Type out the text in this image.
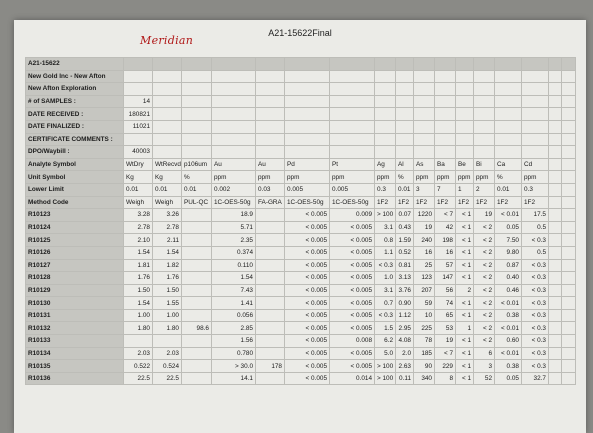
A21-15622Final
Meridian
A21-15622																	
New Gold Inc - New Afton																	
New Afton Exploration																	
# of SAMPLES :	14																
DATE RECEIVED :	180821																
DATE FINALIZED :	11021																
CERTIFICATE COMMENTS :																	
DPO/Waybill :	40003																
Analyte Symbol	WtDry	WtRecvd	p106um	Au	Au	Pd	Pt	Ag	Al	As	Ba	Be	Bi	Ca	Cd		
Unit Symbol	Kg	Kg	%	ppm	ppm	ppm	ppm	ppm	%	ppm	ppm	ppm	ppm	%	ppm		
Lower Limit	0.01	0.01	0.01	0.002	0.03	0.005	0.005	0.3	0.01	3	7	1	2	0.01	0.3		
Method Code	Weigh	Weigh	PUL-QC	1C-OES-50g	FA-GRA	1C-OES-50g	1C-OES-50g	1F2	1F2	1F2	1F2	1F2	1F2	1F2	1F2		
R10123	3.28	3.26		18.9		< 0.005	0.009	> 100	0.07	1220	< 7	< 1	19	< 0.01	17.5		
R10124	2.78	2.78		5.71		< 0.005	< 0.005	3.1	0.43	19	42	< 1	< 2	0.05	0.5		
R10125	2.10	2.11		2.35		< 0.005	< 0.005	0.8	1.59	240	198	< 1	< 2	7.50	< 0.3		
R10126	1.54	1.54		0.374		< 0.005	< 0.005	1.1	0.52	16	16	< 1	< 2	9.80	0.5		
R10127	1.81	1.82		0.110		< 0.005	< 0.005	< 0.3	0.81	25	57	< 1	< 2	0.87	< 0.3		
R10128	1.76	1.76		1.54		< 0.005	< 0.005	1.0	3.13	123	147	< 1	< 2	0.40	< 0.3		
R10129	1.50	1.50		7.43		< 0.005	< 0.005	3.1	3.76	207	56	2	< 2	0.46	< 0.3		
R10130	1.54	1.55		1.41		< 0.005	< 0.005	0.7	0.90	59	74	< 1	< 2	< 0.01	< 0.3		
R10131	1.00	1.00		0.056		< 0.005	< 0.005	< 0.3	1.12	10	65	< 1	< 2	0.38	< 0.3		
R10132	1.80	1.80	98.6	2.85		< 0.005	< 0.005	1.5	2.95	225	53	1	< 2	< 0.01	< 0.3		
R10133				1.56		< 0.005	0.008	6.2	4.08	78	19	< 1	< 2	0.60	< 0.3		
R10134	2.03	2.03		0.780		< 0.005	< 0.005	5.0	2.0	185	< 7	< 1	6	< 0.01	< 0.3		
R10135	0.522	0.524		> 30.0	178	< 0.005	< 0.005	> 100	2.63	90	229	< 1	3	0.38	< 0.3		
R10136	22.5	22.5		14.1		< 0.005	0.014	> 100	0.11	340	8	< 1	52	0.05	32.7		
